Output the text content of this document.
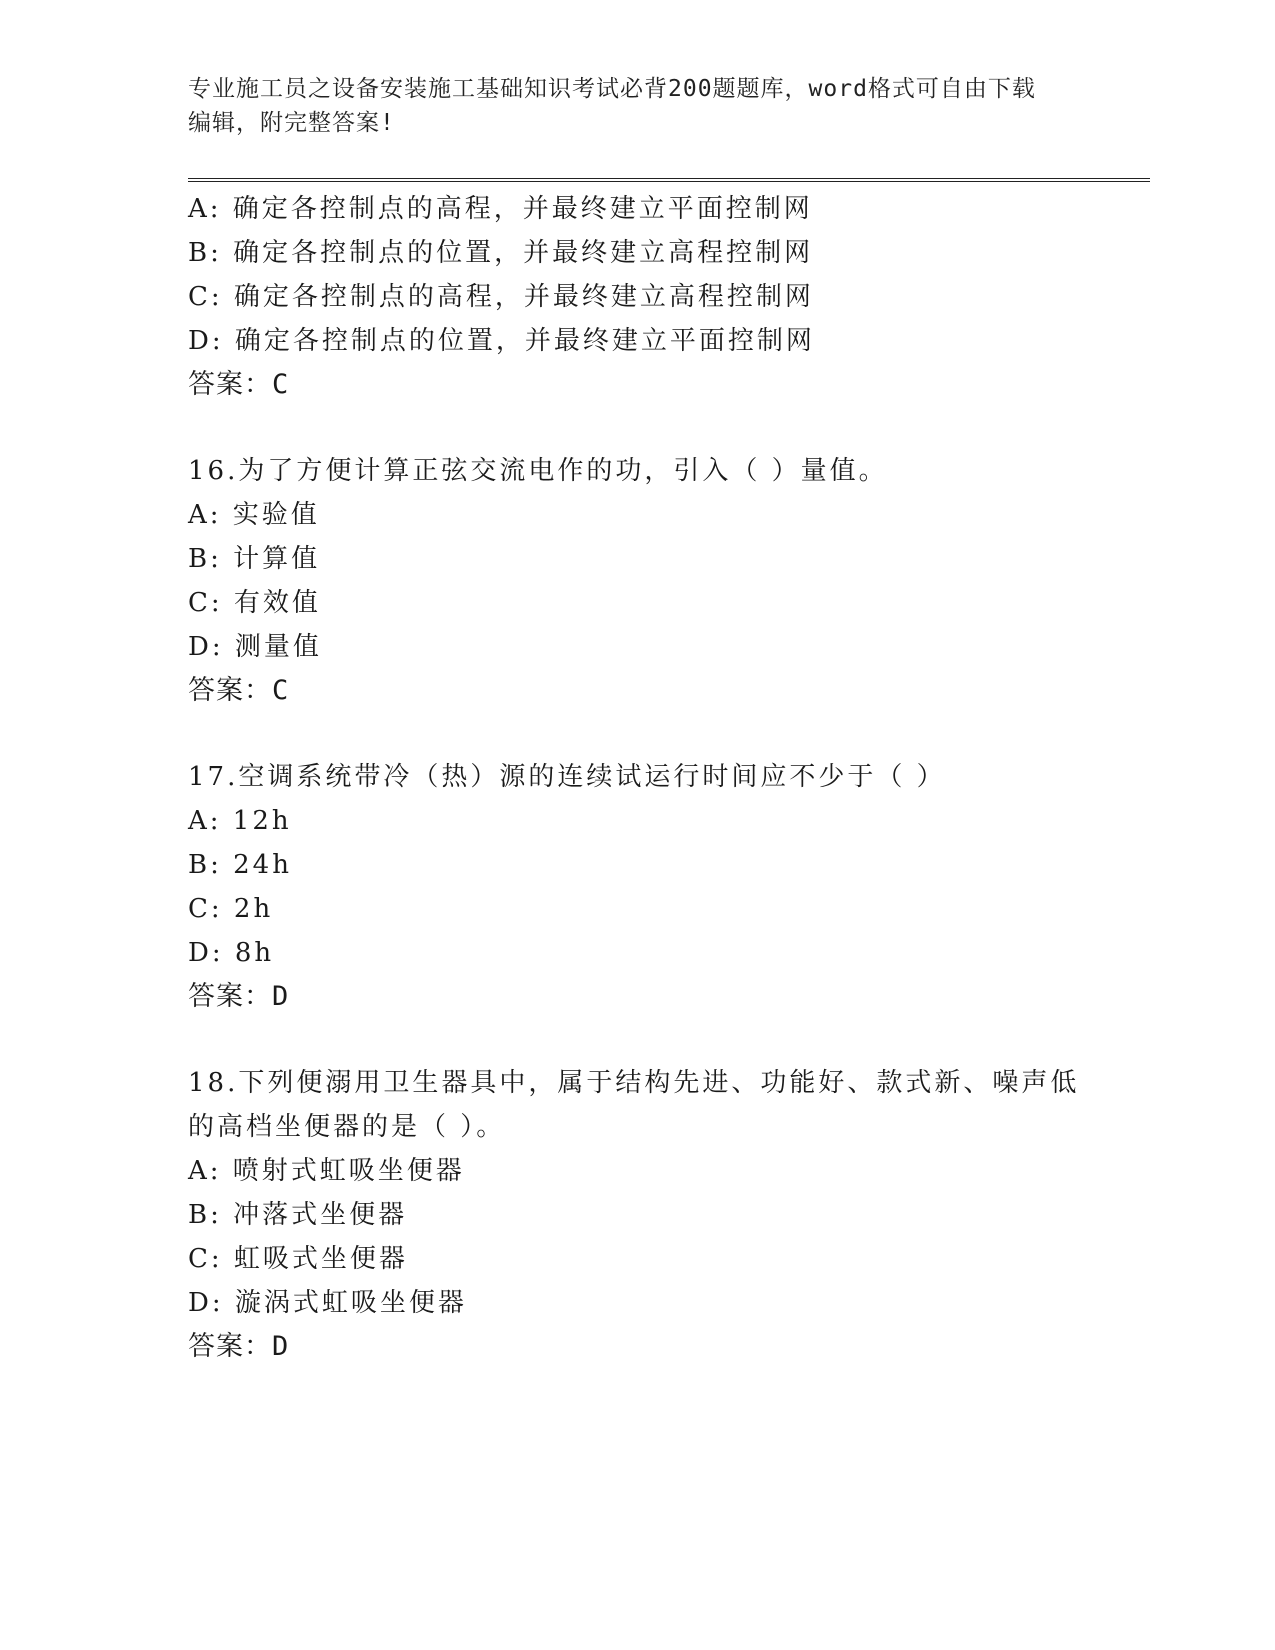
专业施工员之设备安装施工基础知识考试必背200题题库，word格式可自由下载
编辑，附完整答案!
A: 确定各控制点的高程，并最终建立平面控制网
B: 确定各控制点的位置，并最终建立高程控制网
C: 确定各控制点的高程，并最终建立高程控制网
D: 确定各控制点的位置，并最终建立平面控制网
答案：C
16.为了方便计算正弦交流电作的功，引入（ ）量值。
A: 实验值
B: 计算值
C: 有效值
D: 测量值
答案：C
17.空调系统带冷（热）源的连续试运行时间应不少于（ ）
A: 12h
B: 24h
C: 2h
D: 8h
答案：D
18.下列便溺用卫生器具中，属于结构先进、功能好、款式新、噪声低
的高档坐便器的是（ ）。
A: 喷射式虹吸坐便器
B: 冲落式坐便器
C: 虹吸式坐便器
D: 漩涡式虹吸坐便器
答案：D
